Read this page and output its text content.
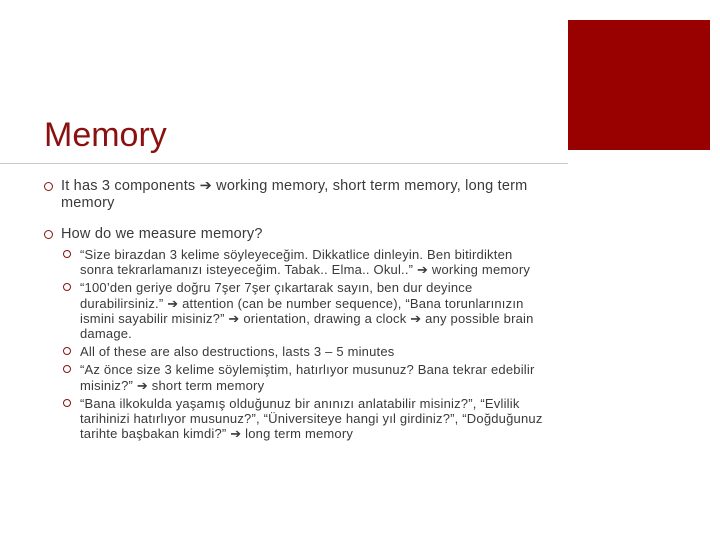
Memory
It has 3 components ➔ working memory, short term memory, long term memory
How do we measure memory?
“Size birazdan 3 kelime söyleyeceğim. Dikkatlice dinleyin. Ben bitirdikten sonra tekrarlamanızı isteyeceğim. Tabak.. Elma.. Okul..” ➔ working memory
“100’den geriye doğru 7şer 7şer çıkartarak sayın, ben dur deyince durabilirsiniz.” ➔ attention (can be number sequence), “Bana torunlarınızın ismini sayabilir misiniz?” ➔ orientation, drawing a clock ➔ any possible brain damage.
All of these are also destructions, lasts 3 – 5 minutes
“Az önce size 3 kelime söylemiştim, hatırlıyor musunuz? Bana tekrar edebilir misiniz?” ➔ short term memory
“Bana ilkokulda yaşamış olduğunuz bir anınızı anlatabilir misiniz?”, “Evlilik tarihinizi hatırlıyor musunuz?”, “Üniversiteye hangi yıl girdiniz?”, “Doğduğunuz tarihte başbakan kimdi?” ➔ long term memory
